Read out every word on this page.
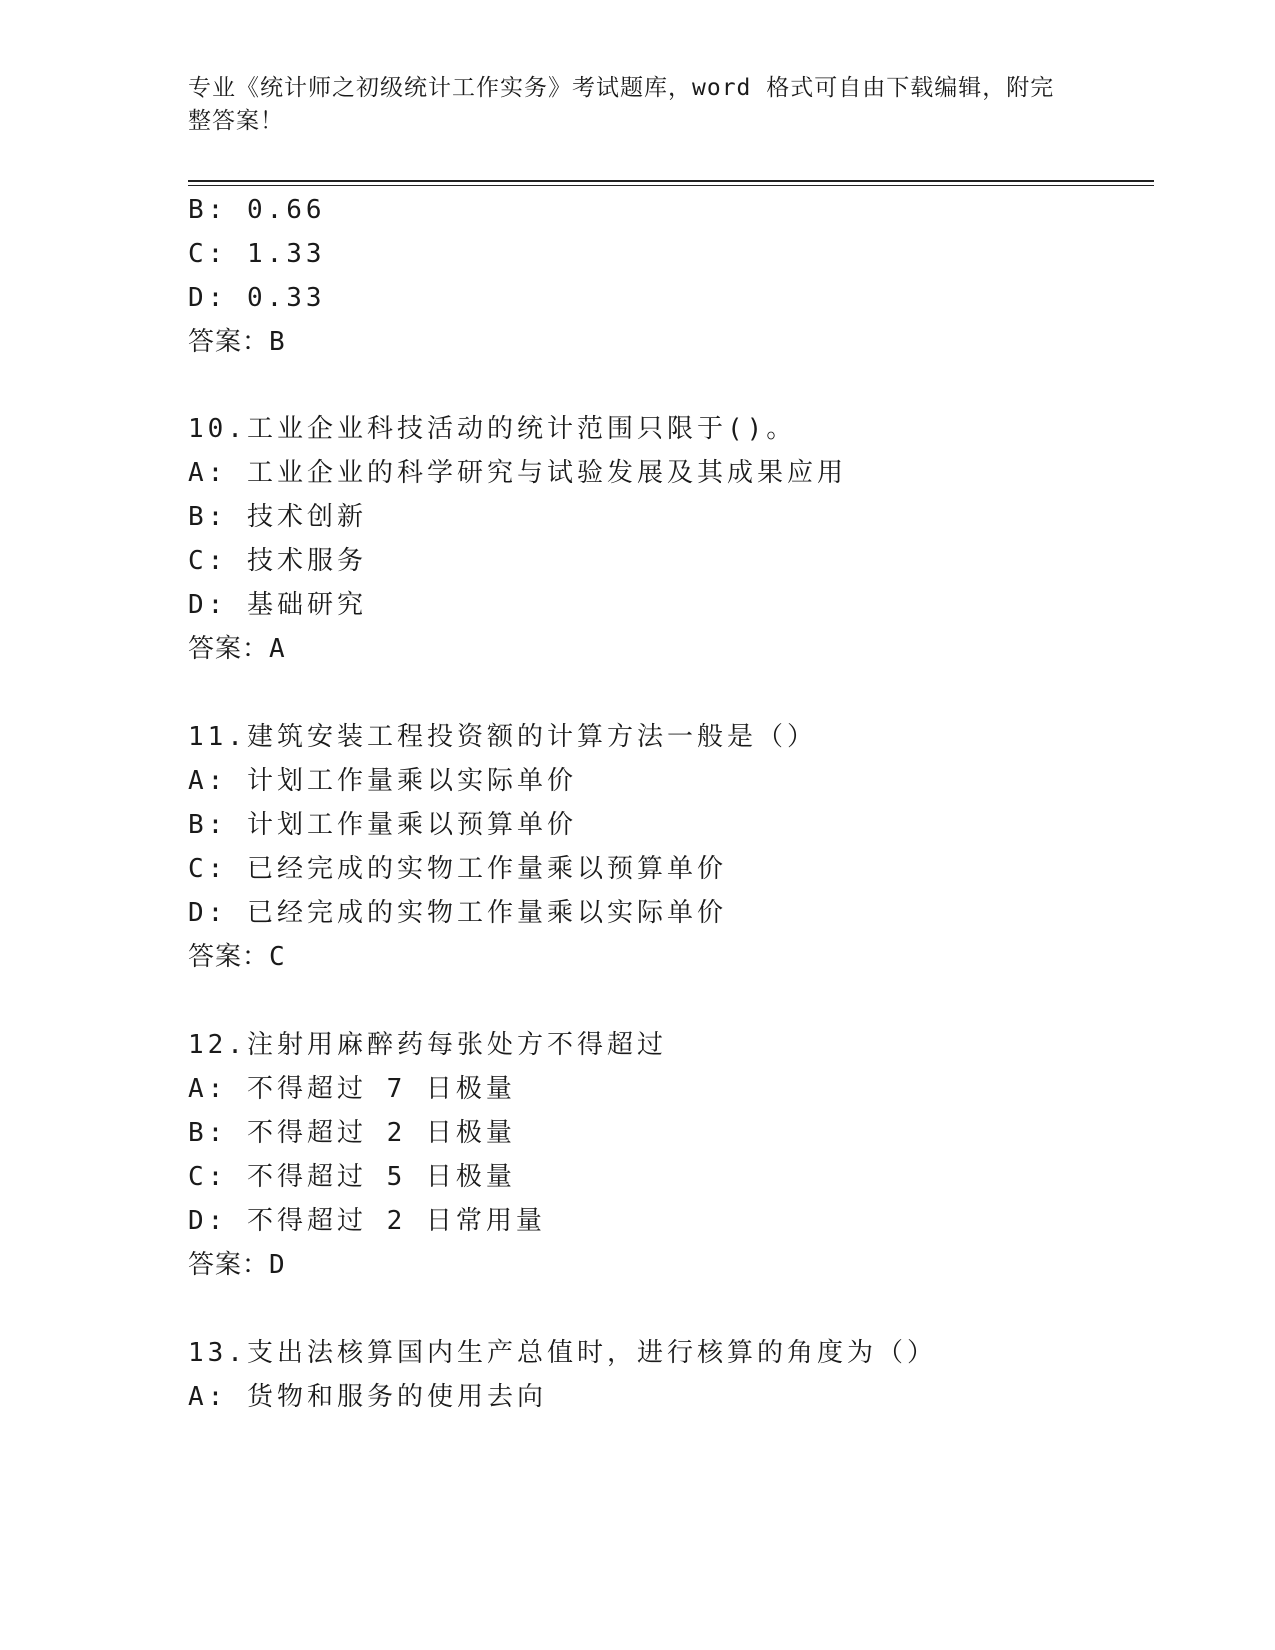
专业《统计师之初级统计工作实务》考试题库，word 格式可自由下载编辑，附完
整答案！
B: 0.66
C: 1.33
D: 0.33
答案：B
10.工业企业科技活动的统计范围只限于()。
A: 工业企业的科学研究与试验发展及其成果应用
B: 技术创新
C: 技术服务
D: 基础研究
答案：A
11.建筑安装工程投资额的计算方法一般是（）
A: 计划工作量乘以实际单价
B: 计划工作量乘以预算单价
C: 已经完成的实物工作量乘以预算单价
D: 已经完成的实物工作量乘以实际单价
答案：C
12.注射用麻醉药每张处方不得超过
A: 不得超过 7 日极量
B: 不得超过 2 日极量
C: 不得超过 5 日极量
D: 不得超过 2 日常用量
答案：D
13.支出法核算国内生产总值时，进行核算的角度为（）
A: 货物和服务的使用去向
